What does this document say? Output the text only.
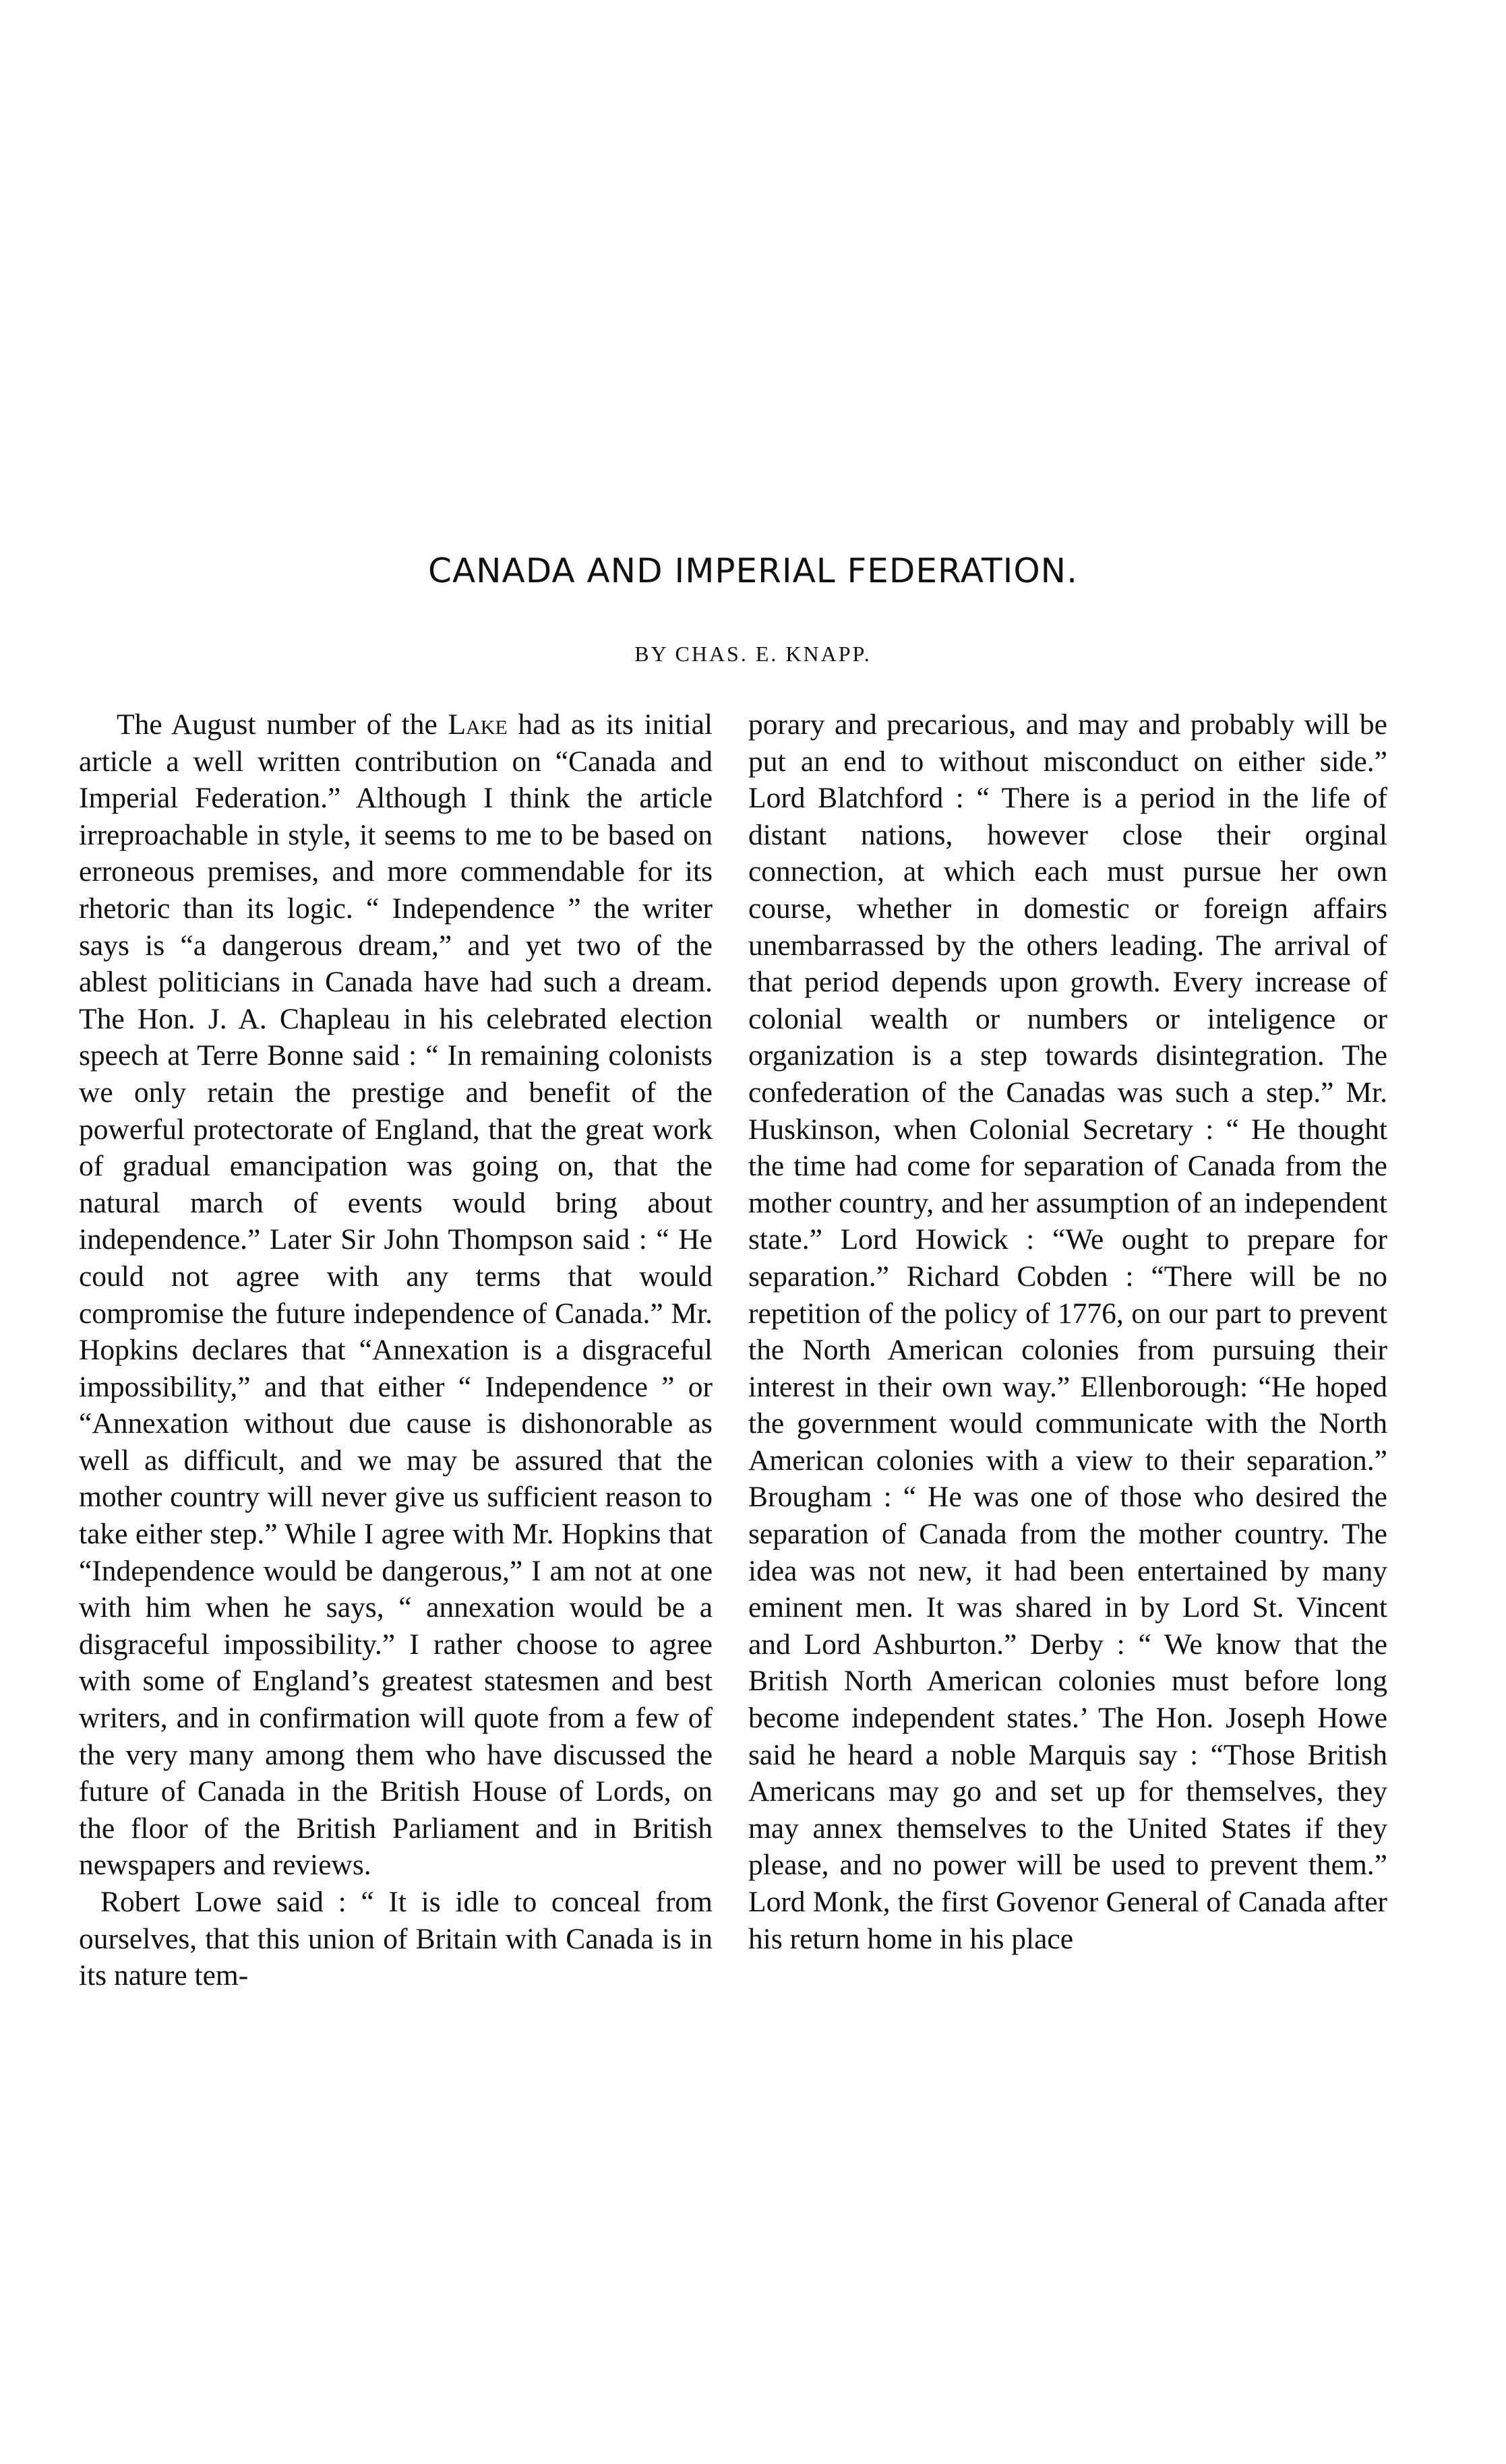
CANADA AND IMPERIAL FEDERATION.
BY CHAS. E. KNAPP.

The August number of the Lake had as its initial article a well written contribution on “Canada and Imperial Federation.” Although I think the article irreproachable in style, it seems to me to be based on erroneous premises, and more commendable for its rhetoric than its logic. “ Independence ” the writer says is “a dangerous dream,” and yet two of the ablest politicians in Canada have had such a dream. The Hon. J. A. Chapleau in his celebrated election speech at Terre Bonne said : “ In remaining colonists we only retain the prestige and benefit of the powerful protectorate of England, that the great work of gradual emancipation was going on, that the natural march of events would bring about independence.” Later Sir John Thompson said : “ He could not agree with any terms that would compromise the future independence of Canada.” Mr. Hopkins declares that “Annexation is a disgraceful impossibility,” and that either “ Independence ” or “Annexation without due cause is dishonorable as well as difficult, and we may be assured that the mother country will never give us sufficient reason to take either step.” While I agree with Mr. Hopkins that “Independence would be dangerous,” I am not at one with him when he says, “ annexation would be a disgraceful impossibility.” I rather choose to agree with some of England’s greatest statesmen and best writers, and in confirmation will quote from a few of the very many among them who have discussed the future of Canada in the British House of Lords, on the floor of the British Parliament and in British newspapers and reviews.

Robert Lowe said : “ It is idle to conceal from ourselves, that this union of Britain with Canada is in its nature tem-

porary and precarious, and may and probably will be put an end to without misconduct on either side.” Lord Blatchford : “ There is a period in the life of distant nations, however close their orginal connection, at which each must pursue her own course, whether in domestic or foreign affairs unembarrassed by the others leading. The arrival of that period depends upon growth. Every increase of colonial wealth or numbers or inteligence or organization is a step towards disintegration. The confederation of the Canadas was such a step.” Mr. Huskinson, when Colonial Secretary : “ He thought the time had come for separation of Canada from the mother country, and her assumption of an independent state.” Lord Howick : “We ought to prepare for separation.” Richard Cobden : “There will be no repetition of the policy of 1776, on our part to prevent the North American colonies from pursuing their interest in their own way.” Ellenborough: “He hoped the government would communicate with the North American colonies with a view to their separation.” Brougham : “ He was one of those who desired the separation of Canada from the mother country. The idea was not new, it had been entertained by many eminent men. It was shared in by Lord St. Vincent and Lord Ashburton.” Derby : “ We know that the British North American colonies must before long become independent states.’ The Hon. Joseph Howe said he heard a noble Marquis say : “Those British Americans may go and set up for themselves, they may annex themselves to the United States if they please, and no power will be used to prevent them.” Lord Monk, the first Govenor General of Canada after his return home in his place
